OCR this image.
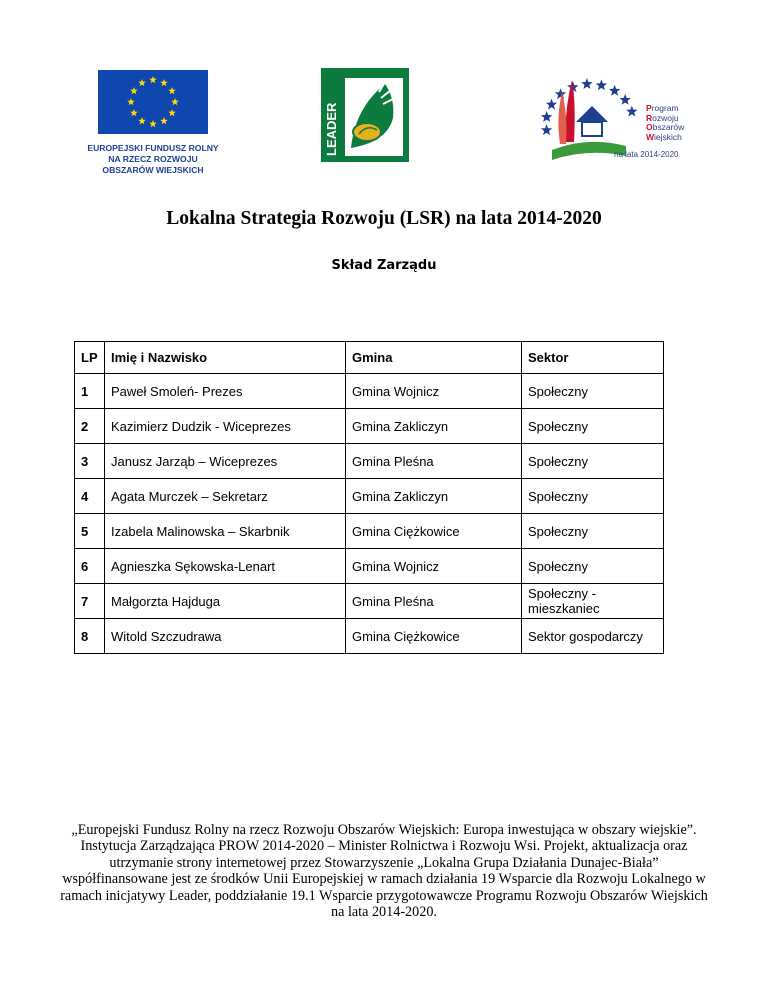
EUROPEJSKI FUNDUSZ ROLNY
NA RZECZ ROZWOJU
OBSZARÓW WIEJSKICH
LEADER	Program
Rozwoju
Obszarów
Wiejskich
na lata 2014-2020
Lokalna Strategia Rozwoju (LSR) na lata 2014-2020
Skład Zarządu
LP	Imię i Nazwisko	Gmina	Sektor
1	Paweł Smoleń- Prezes	Gmina Wojnicz	Społeczny
2	Kazimierz Dudzik - Wiceprezes	Gmina Zakliczyn	Społeczny
3	Janusz Jarząb – Wiceprezes	Gmina Pleśna	Społeczny
4	Agata Murczek – Sekretarz	Gmina Zakliczyn	Społeczny
5	Izabela Malinowska – Skarbnik	Gmina Ciężkowice	Społeczny
6	Agnieszka Sękowska-Lenart	Gmina Wojnicz	Społeczny
7	Małgorzta Hajduga	Gmina Pleśna	Społeczny - mieszkaniec
8	Witold Szczudrawa	Gmina Ciężkowice	Sektor gospodarczy
„Europejski Fundusz Rolny na rzecz Rozwoju Obszarów Wiejskich: Europa inwestująca w obszary wiejskie”. Instytucja Zarządzająca PROW 2014-2020 – Minister Rolnictwa i Rozwoju Wsi. Projekt, aktualizacja oraz utrzymanie strony internetowej przez Stowarzyszenie „Lokalna Grupa Działania Dunajec-Biała” współfinansowane jest ze środków Unii Europejskiej w ramach działania 19 Wsparcie dla Rozwoju Lokalnego w ramach inicjatywy Leader, poddziałanie 19.1 Wsparcie przygotowawcze Programu Rozwoju Obszarów Wiejskich na lata 2014-2020.
